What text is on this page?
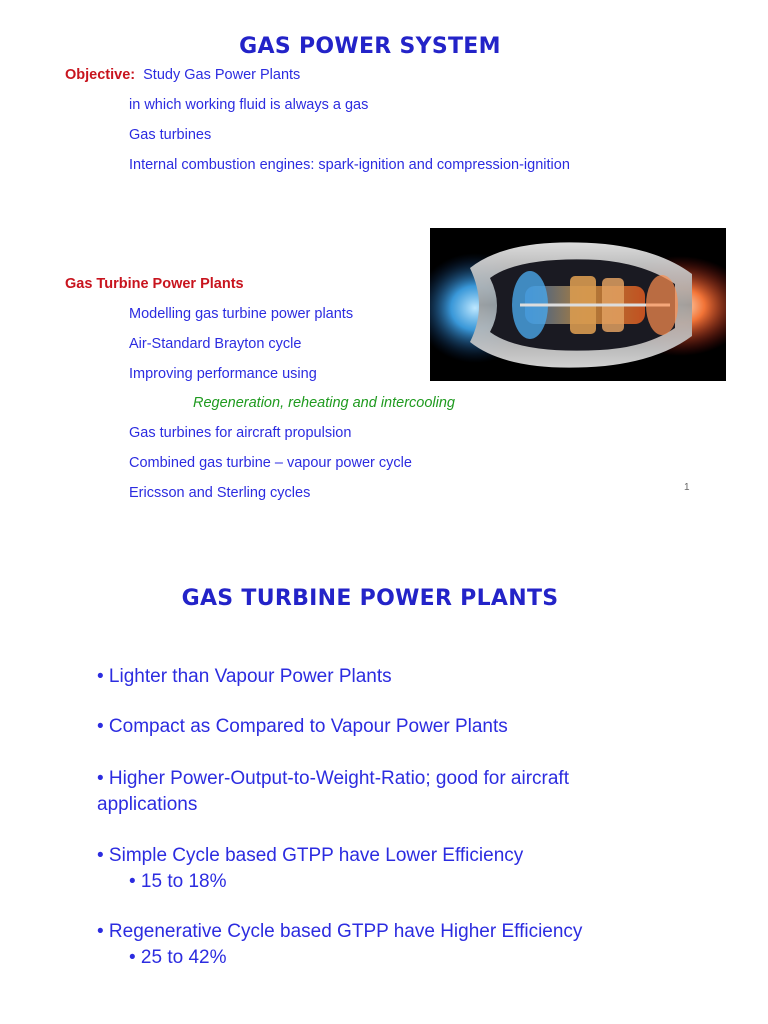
GAS POWER SYSTEM
Objective: Study Gas Power Plants
in which working fluid is always a gas
Gas turbines
Internal combustion engines: spark-ignition and compression-ignition
Gas Turbine Power Plants
Modelling gas turbine power plants
Air-Standard Brayton cycle
Improving performance using
Regeneration, reheating and intercooling
Gas turbines for aircraft propulsion
Combined gas turbine – vapour power cycle
Ericsson and Sterling cycles	1
GAS TURBINE POWER PLANTS
• Lighter than Vapour Power Plants
• Compact as Compared to Vapour Power Plants
• Higher Power-Output-to-Weight-Ratio; good for aircraft
applications
• Simple Cycle based GTPP have Lower Efficiency
• 15 to 18%
• Regenerative Cycle based GTPP have Higher Efficiency
• 25 to 42%
